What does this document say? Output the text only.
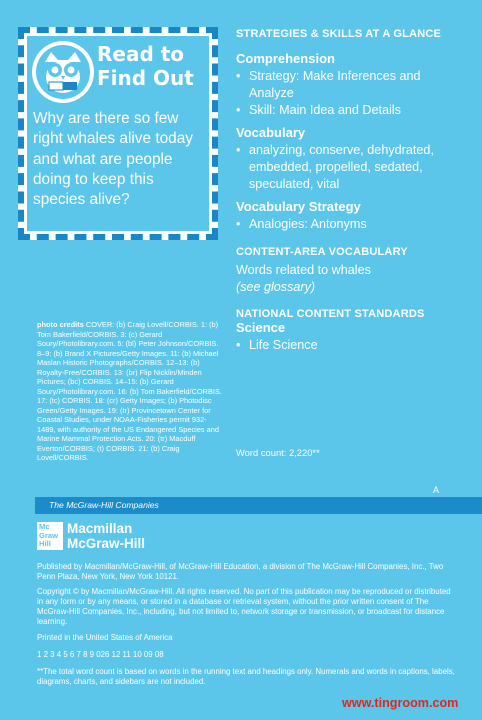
Read to
Find Out
Why are there so few right whales alive today and what are people doing to keep this species alive?
photo credits COVER: (b) Craig Lovell/CORBIS. 1: (b) Tom Bakerfield/CORBIS. 3: (c) Gerard Soury/Photolibrary.com. 5: (bl) Peter Johnson/CORBIS. 8–9: (b) Brand X Pictures/Getty Images. 11: (b) Michael Maslan Historic Photographs/CORBIS. 12–13: (b) Royalty-Free/CORBIS. 13: (br) Flip Nicklin/Minden Pictures; (bc) CORBIS. 14–15: (b) Gerard Soury/Photolibrary.com. 16: (b) Tom Bakerfield/CORBIS. 17: (tc) CORBIS. 18: (cr) Getty Images; (b) Photodisc Green/Getty Images. 19: (tr) Provincetown Center for Coastal Studies, under NOAA-Fisheries permit 932-1489, with authority of the US Endangered Species and Marine Mammal Protection Acts. 20: (tr) Macduff Everton/CORBIS; (t) CORBIS. 21: (b) Craig Lovell/CORBIS.
STRATEGIES & SKILLS AT A GLANCE
Comprehension
• Strategy: Make Inferences and Analyze
• Skill: Main Idea and Details
Vocabulary
• analyzing, conserve, dehydrated, embedded, propelled, sedated, speculated, vital
Vocabulary Strategy
• Analogies: Antonyms
CONTENT-AREA VOCABULARY
Words related to whales
(see glossary)
NATIONAL CONTENT STANDARDS
Science
• Life Science
Word count: 2,220**
A
The McGraw-Hill Companies
Mc
Graw
Hill
Macmillan
McGraw-Hill
Published by Macmillan/McGraw-Hill, of McGraw-Hill Education, a division of The McGraw-Hill Companies, Inc., Two Penn Plaza, New York, New York 10121.
Copyright © by Macmillan/McGraw-Hill. All rights reserved. No part of this publication may be reproduced or distributed in any form or by any means, or stored in a database or retrieval system, without the prior written consent of The McGraw-Hill Companies, Inc., including, but not limited to, network storage or transmission, or broadcast for distance learning.
Printed in the United States of America
1 2 3 4 5 6 7 8 9 026 12 11 10 09 08
**The total word count is based on words in the running text and headings only. Numerals and words in captions, labels, diagrams, charts, and sidebars are not included.
www.tingroom.com
